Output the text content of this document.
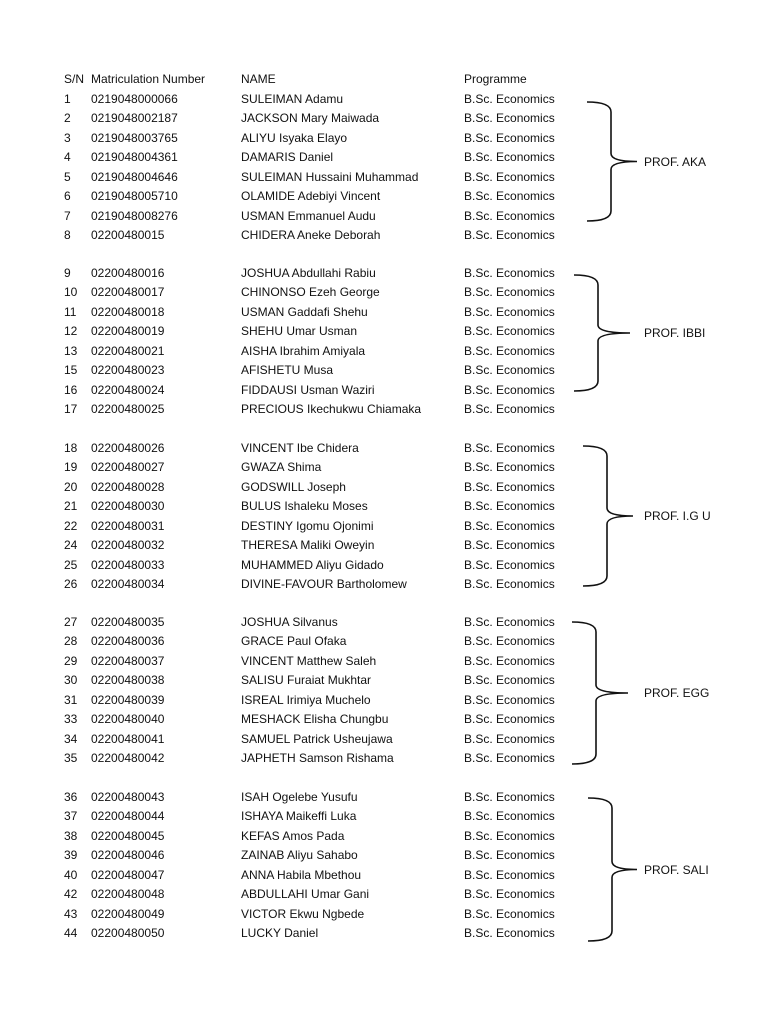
S/N Matriculation Number	NAME	Programme
1 0219048000066	SULEIMAN Adamu	B.Sc. Economics
2 0219048002187	JACKSON Mary Maiwada	B.Sc. Economics
3 0219048003765	ALIYU Isyaka Elayo	B.Sc. Economics
4 0219048004361	DAMARIS Daniel	B.Sc. Economics
5 0219048004646	SULEIMAN Hussaini Muhammad	B.Sc. Economics
6 0219048005710	OLAMIDE Adebiyi Vincent	B.Sc. Economics
7 0219048008276	USMAN Emmanuel Audu	B.Sc. Economics
8 02200480015	CHIDERA Aneke Deborah	B.Sc. Economics
PROF. AKA
9 02200480016	JOSHUA Abdullahi Rabiu	B.Sc. Economics
10 02200480017	CHINONSO Ezeh George	B.Sc. Economics
11 02200480018	USMAN Gaddafi Shehu	B.Sc. Economics
12 02200480019	SHEHU Umar Usman	B.Sc. Economics
13 02200480021	AISHA Ibrahim Amiyala	B.Sc. Economics
15 02200480023	AFISHETU Musa	B.Sc. Economics
16 02200480024	FIDDAUSI Usman Waziri	B.Sc. Economics
17 02200480025	PRECIOUS Ikechukwu Chiamaka	B.Sc. Economics
PROF. IBBI
18 02200480026	VINCENT Ibe Chidera	B.Sc. Economics
19 02200480027	GWAZA Shima	B.Sc. Economics
20 02200480028	GODSWILL Joseph	B.Sc. Economics
21 02200480030	BULUS Ishaleku Moses	B.Sc. Economics
22 02200480031	DESTINY Igomu Ojonimi	B.Sc. Economics
24 02200480032	THERESA Maliki Oweyin	B.Sc. Economics
25 02200480033	MUHAMMED Aliyu Gidado	B.Sc. Economics
26 02200480034	DIVINE-FAVOUR Bartholomew	B.Sc. Economics
PROF. I.G U
27 02200480035	JOSHUA Silvanus	B.Sc. Economics
28 02200480036	GRACE Paul Ofaka	B.Sc. Economics
29 02200480037	VINCENT Matthew Saleh	B.Sc. Economics
30 02200480038	SALISU Furaiat Mukhtar	B.Sc. Economics
31 02200480039	ISREAL Irimiya Muchelo	B.Sc. Economics
33 02200480040	MESHACK Elisha Chungbu	B.Sc. Economics
34 02200480041	SAMUEL Patrick Usheujawa	B.Sc. Economics
35 02200480042	JAPHETH Samson Rishama	B.Sc. Economics
PROF. EGG
36 02200480043	ISAH Ogelebe Yusufu	B.Sc. Economics
37 02200480044	ISHAYA Maikeffi Luka	B.Sc. Economics
38 02200480045	KEFAS Amos Pada	B.Sc. Economics
39 02200480046	ZAINAB Aliyu Sahabo	B.Sc. Economics
40 02200480047	ANNA Habila Mbethou	B.Sc. Economics
42 02200480048	ABDULLAHI Umar Gani	B.Sc. Economics
43 02200480049	VICTOR Ekwu Ngbede	B.Sc. Economics
44 02200480050	LUCKY Daniel	B.Sc. Economics
PROF. SALI
